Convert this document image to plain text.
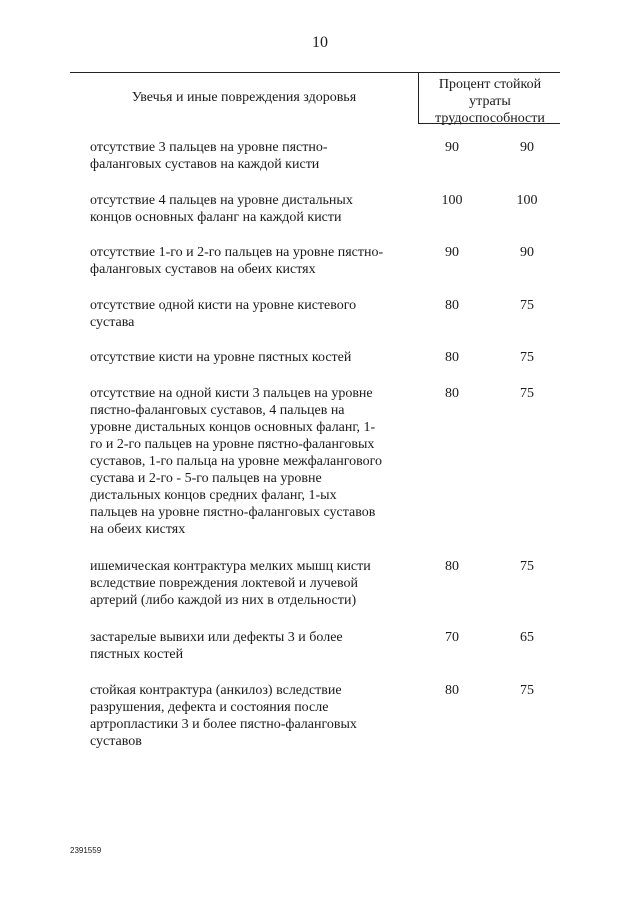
10
Увечья и иные повреждения здоровья
Процент стойкой
утраты
трудоспособности
отсутствие 3 пальцев на уровне пястно-
фаланговых суставов на каждой кисти
90	90
отсутствие 4 пальцев на уровне дистальных
концов основных фаланг на каждой кисти
100	100
отсутствие 1-го и 2-го пальцев на уровне пястно-
фаланговых суставов на обеих кистях
90	90
отсутствие одной кисти на уровне кистевого
сустава
80	75
отсутствие кисти на уровне пястных костей	80	75
отсутствие на одной кисти 3 пальцев на уровне
пястно-фаланговых суставов, 4 пальцев на
уровне дистальных концов основных фаланг, 1-
го и 2-го пальцев на уровне пястно-фаланговых
суставов, 1-го пальца на уровне межфалангового
сустава и 2-го - 5-го пальцев на уровне
дистальных концов средних фаланг, 1-ых
пальцев на уровне пястно-фаланговых суставов
на обеих кистях
80	75
ишемическая контрактура мелких мышц кисти
вследствие повреждения локтевой и лучевой
артерий (либо каждой из них в отдельности)
80	75
застарелые вывихи или дефекты 3 и более
пястных костей
70	65
стойкая контрактура (анкилоз) вследствие
разрушения, дефекта и состояния после
артропластики 3 и более пястно-фаланговых
суставов
80	75
2391559
